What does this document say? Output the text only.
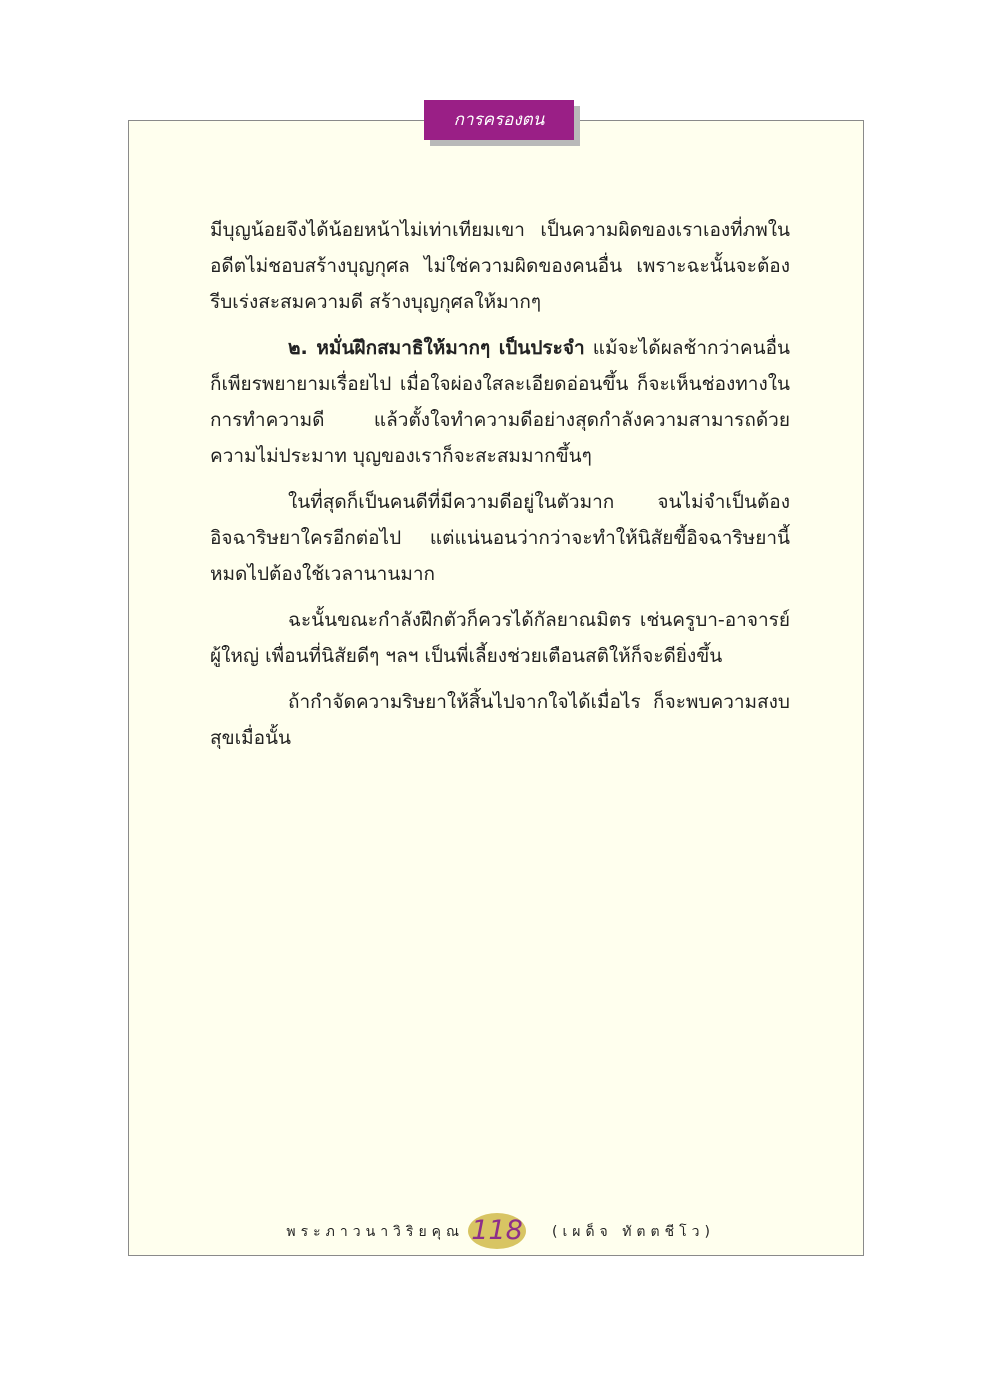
การครองตน

มีบุญน้อยจึงได้น้อยหน้าไม่เท่าเทียมเขา เป็นความผิดของเราเองที่ภพในอดีตไม่ชอบสร้างบุญกุศล ไม่ใช่ความผิดของคนอื่น เพราะฉะนั้นจะต้องรีบเร่งสะสมความดี สร้างบุญกุศลให้มากๆ

๒. หมั่นฝึกสมาธิให้มากๆ เป็นประจำ แม้จะได้ผลช้ากว่าคนอื่นก็เพียรพยายามเรื่อยไป เมื่อใจผ่องใสละเอียดอ่อนขึ้น ก็จะเห็นช่องทางในการทำความดี แล้วตั้งใจทำความดีอย่างสุดกำลังความสามารถด้วยความไม่ประมาท บุญของเราก็จะสะสมมากขึ้นๆ

ในที่สุดก็เป็นคนดีที่มีความดีอยู่ในตัวมาก จนไม่จำเป็นต้องอิจฉาริษยาใครอีกต่อไป แต่แน่นอนว่ากว่าจะทำให้นิสัยขี้อิจฉาริษยานี้หมดไปต้องใช้เวลานานมาก

ฉะนั้นขณะกำลังฝึกตัวก็ควรได้กัลยาณมิตร เช่นครูบา-อาจารย์ ผู้ใหญ่ เพื่อนที่นิสัยดีๆ ฯลฯ เป็นพี่เลี้ยงช่วยเตือนสติให้ก็จะดียิ่งขึ้น

ถ้ากำจัดความริษยาให้สิ้นไปจากใจได้เมื่อไร ก็จะพบความสงบสุขเมื่อนั้น

พระภาวนาวิริยคุณ 118 (เผด็จ ทัตตชีโว)
